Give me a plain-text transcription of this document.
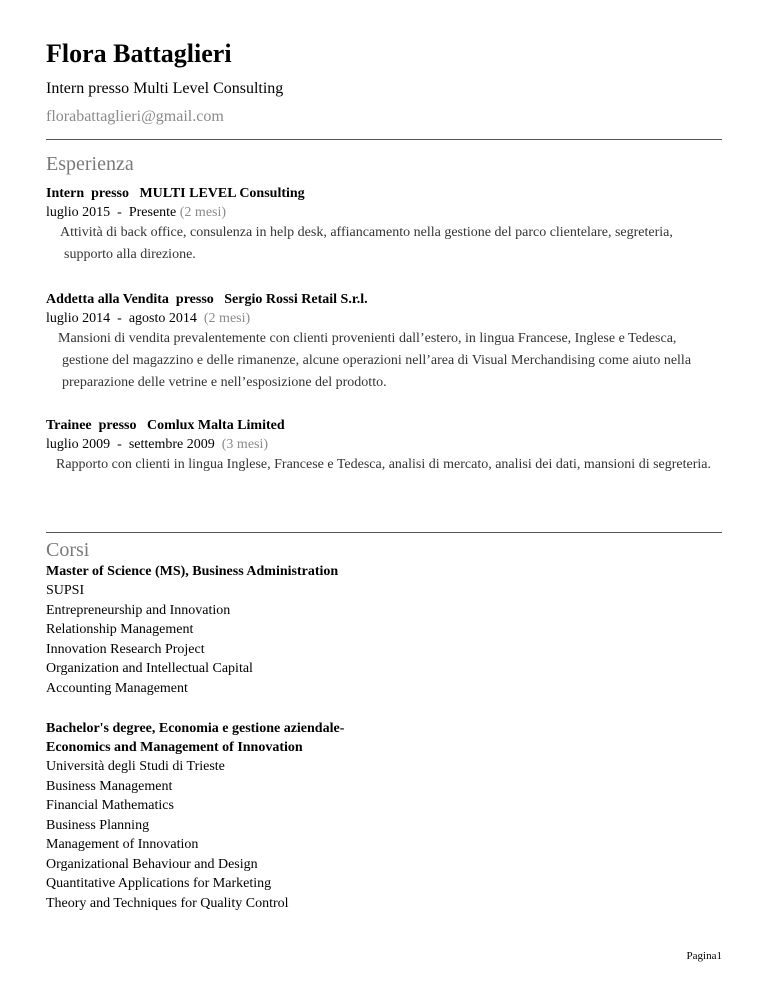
Flora Battaglieri
Intern presso Multi Level Consulting
florabattaglieri@gmail.com
Esperienza
Intern  presso   MULTI LEVEL Consulting
luglio 2015  -  Presente (2 mesi)
Attività di back office, consulenza in help desk, affiancamento nella gestione del parco clientelare, segreteria, supporto alla direzione.
Addetta alla Vendita  presso   Sergio Rossi Retail S.r.l.
luglio 2014  -  agosto 2014  (2 mesi)
Mansioni di vendita prevalentemente con clienti provenienti dall’estero, in lingua Francese, Inglese e Tedesca, gestione del magazzino e delle rimanenze, alcune operazioni nell’area di Visual Merchandising come aiuto nella preparazione delle vetrine e nell’esposizione del prodotto.
Trainee  presso   Comlux Malta Limited
luglio 2009  -  settembre 2009  (3 mesi)
Rapporto con clienti in lingua Inglese, Francese e Tedesca, analisi di mercato, analisi dei dati, mansioni di segreteria.
Corsi
Master of Science (MS), Business Administration
SUPSI
Entrepreneurship and Innovation
Relationship Management
Innovation Research Project
Organization and Intellectual Capital
Accounting Management
Bachelor's degree, Economia e gestione aziendale-
Economics and Management of Innovation
Università degli Studi di Trieste
Business Management
Financial Mathematics
Business Planning
Management of Innovation
Organizational Behaviour and Design
Quantitative Applications for Marketing
Theory and Techniques for Quality Control
Pagina1
